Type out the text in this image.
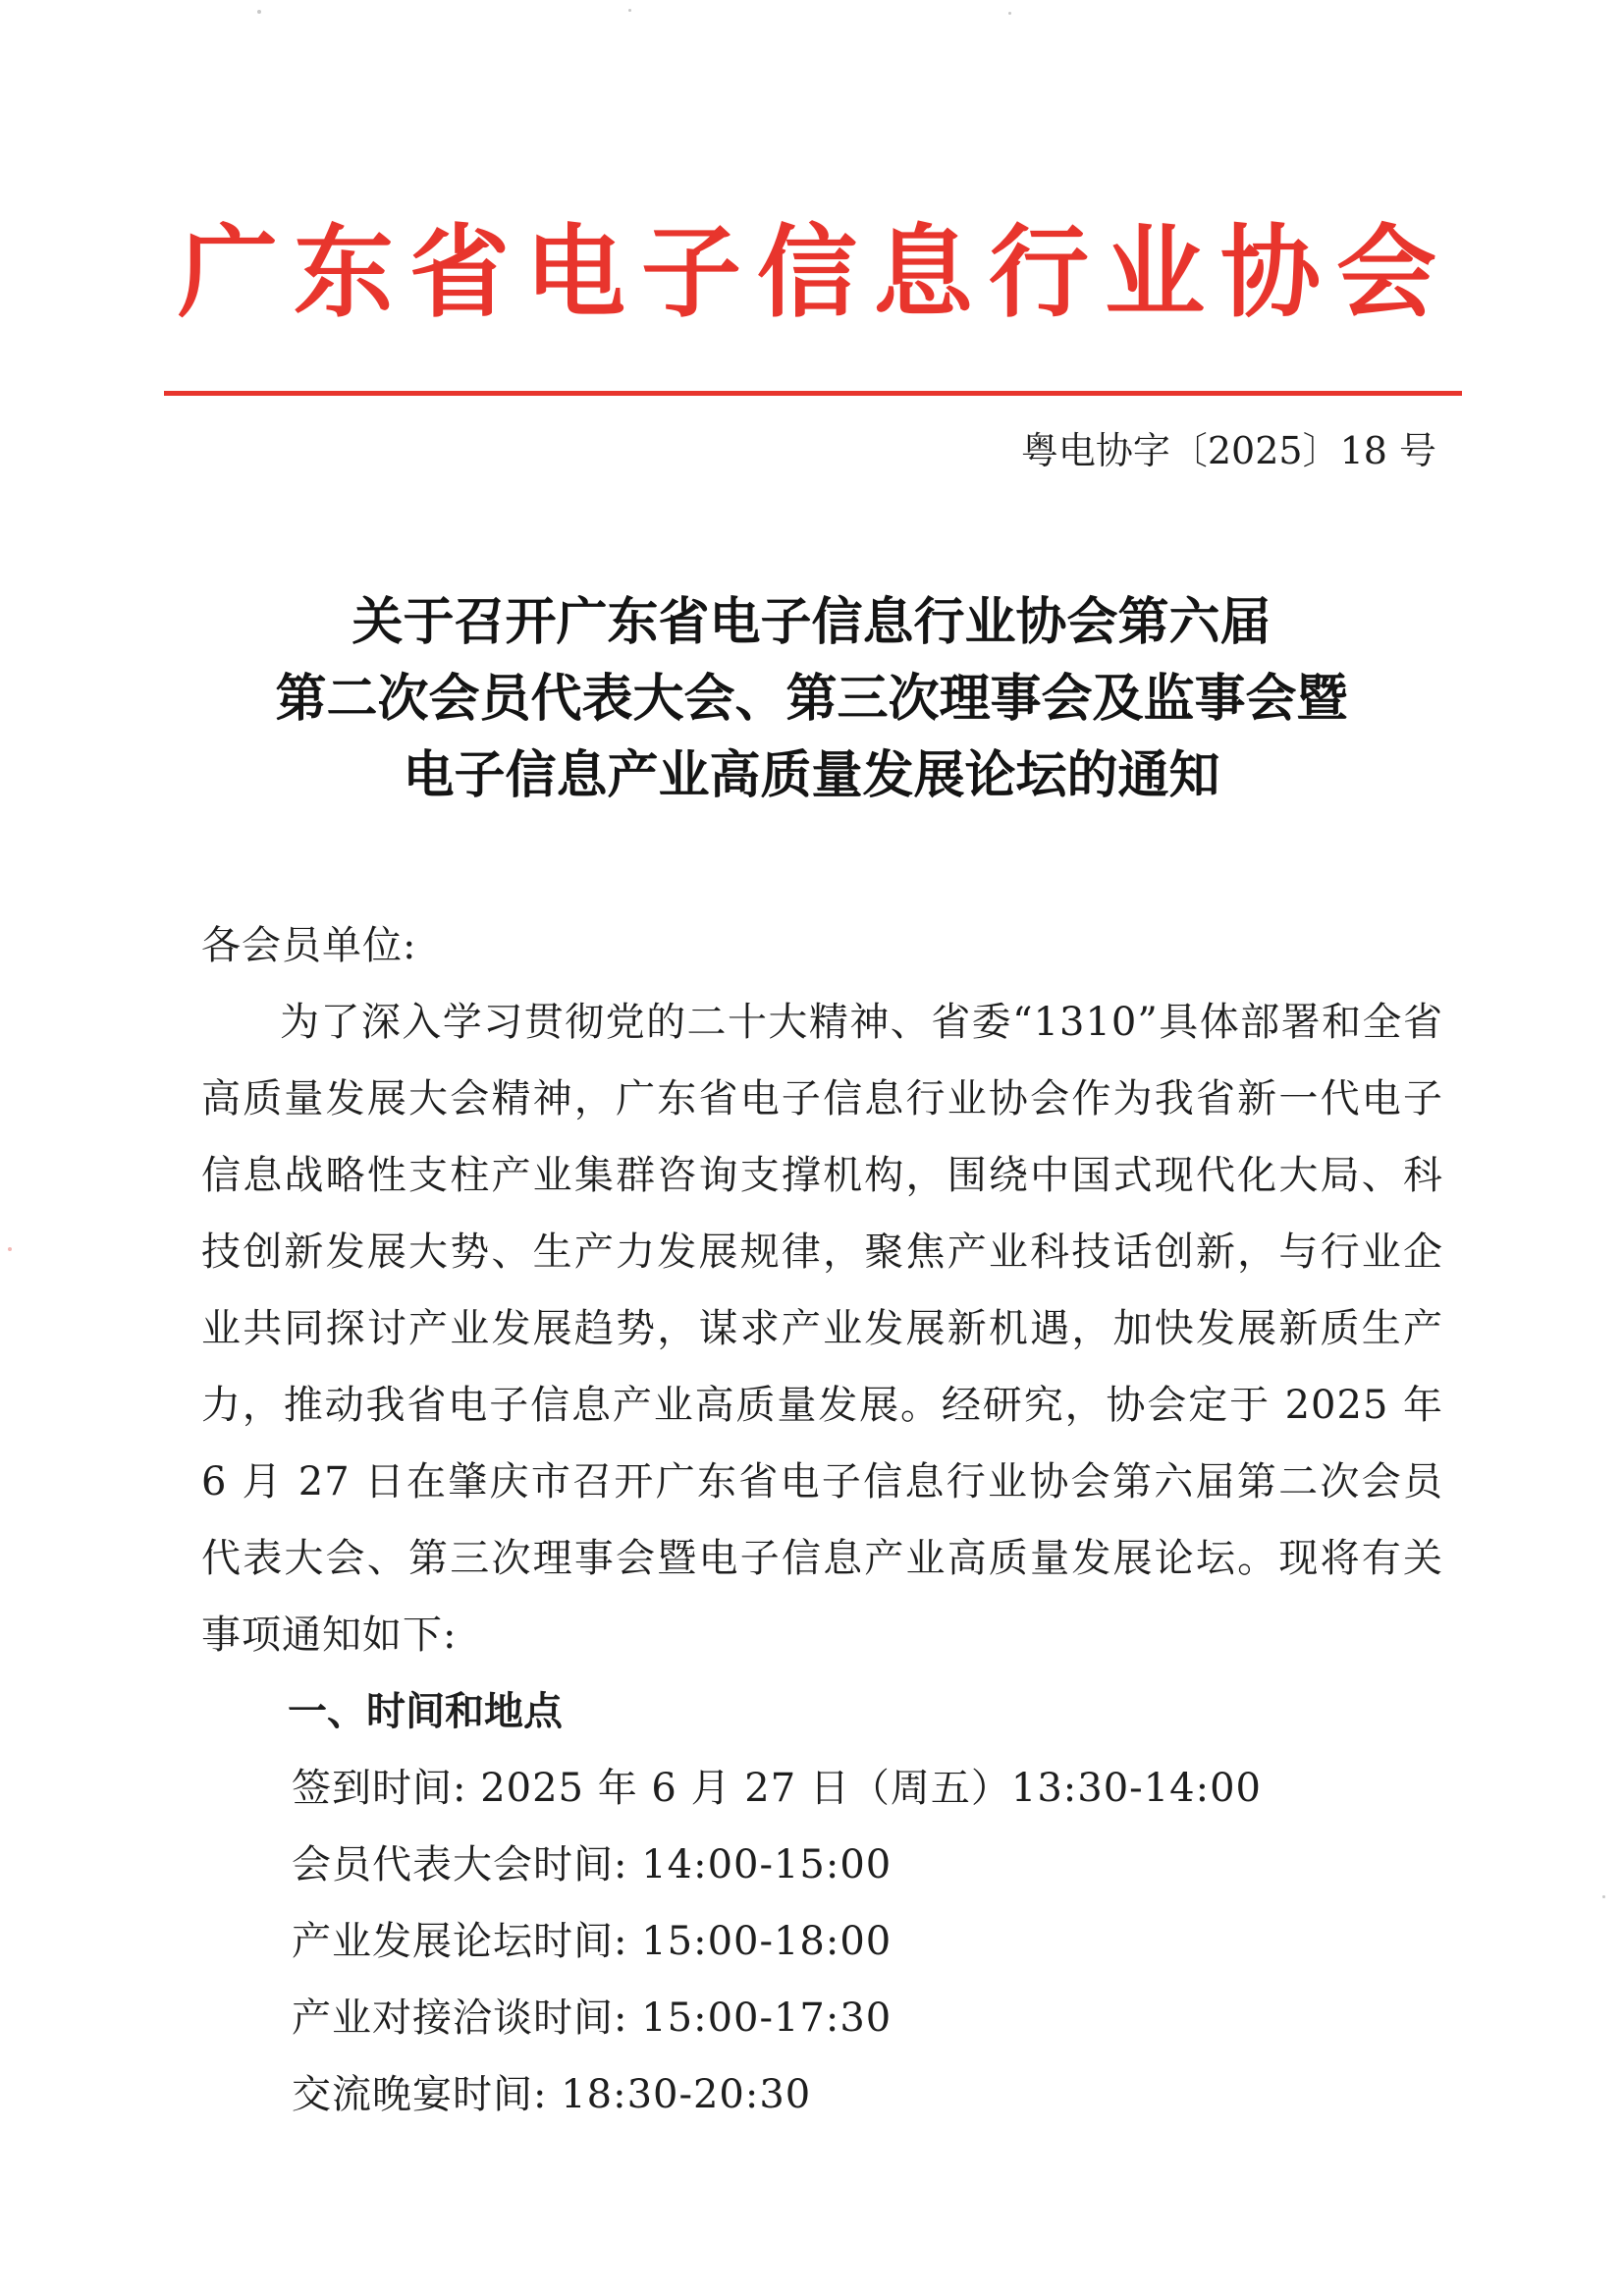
广东省电子信息行业协会
粤电协字〔2025〕18 号
关于召开广东省电子信息行业协会第六届
第二次会员代表大会、第三次理事会及监事会暨
电子信息产业高质量发展论坛的通知

各会员单位:

为了深入学习贯彻党的二十大精神、省委“1310”具体部署和全省高质量发展大会精神，广东省电子信息行业协会作为我省新一代电子信息战略性支柱产业集群咨询支撑机构，围绕中国式现代化大局、科技创新发展大势、生产力发展规律，聚焦产业科技话创新，与行业企业共同探讨产业发展趋势，谋求产业发展新机遇，加快发展新质生产力，推动我省电子信息产业高质量发展。经研究，协会定于 2025 年 6 月 27 日在肇庆市召开广东省电子信息行业协会第六届第二次会员代表大会、第三次理事会暨电子信息产业高质量发展论坛。现将有关事项通知如下:

一、时间和地点

签到时间: 2025 年 6 月 27 日（周五）13:30-14:00

会员代表大会时间: 14:00-15:00

产业发展论坛时间: 15:00-18:00

产业对接洽谈时间: 15:00-17:30

交流晚宴时间: 18:30-20:30
